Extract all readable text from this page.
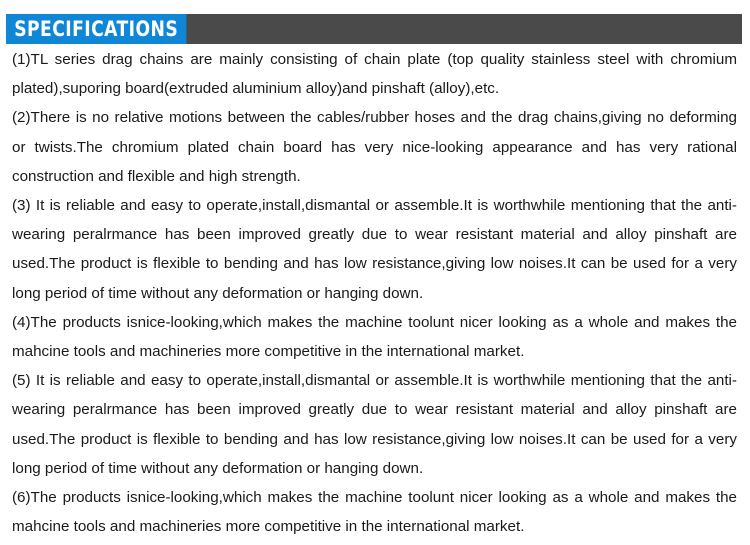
SPECIFICATIONS

(1)TL series drag chains are mainly consisting of chain plate (top quality stainless steel with chromium plated),suporing board(extruded aluminium alloy)and pinshaft (alloy),etc.

(2)There is no relative motions between the cables/rubber hoses and the drag chains,giving no deforming or twists.The chromium plated chain board has very nice-looking appearance and has very rational construction and flexible and high strength.

(3) It is reliable and easy to operate,install,dismantal or assemble.It is worthwhile mentioning that the anti-wearing peralrmance has been improved greatly due to wear resistant material and alloy pinshaft are used.The product is flexible to bending and has low resistance,giving low noises.It can be used for a very long period of time without any deformation or hanging down.

(4)The products isnice-looking,which makes the machine toolunt nicer looking as a whole and makes the mahcine tools and machineries more competitive in the international market.

(5) It is reliable and easy to operate,install,dismantal or assemble.It is worthwhile mentioning that the anti-wearing peralrmance has been improved greatly due to wear resistant material and alloy pinshaft are used.The product is flexible to bending and has low resistance,giving low noises.It can be used for a very long period of time without any deformation or hanging down.

(6)The products isnice-looking,which makes the machine toolunt nicer looking as a whole and makes the mahcine tools and machineries more competitive in the international market.
